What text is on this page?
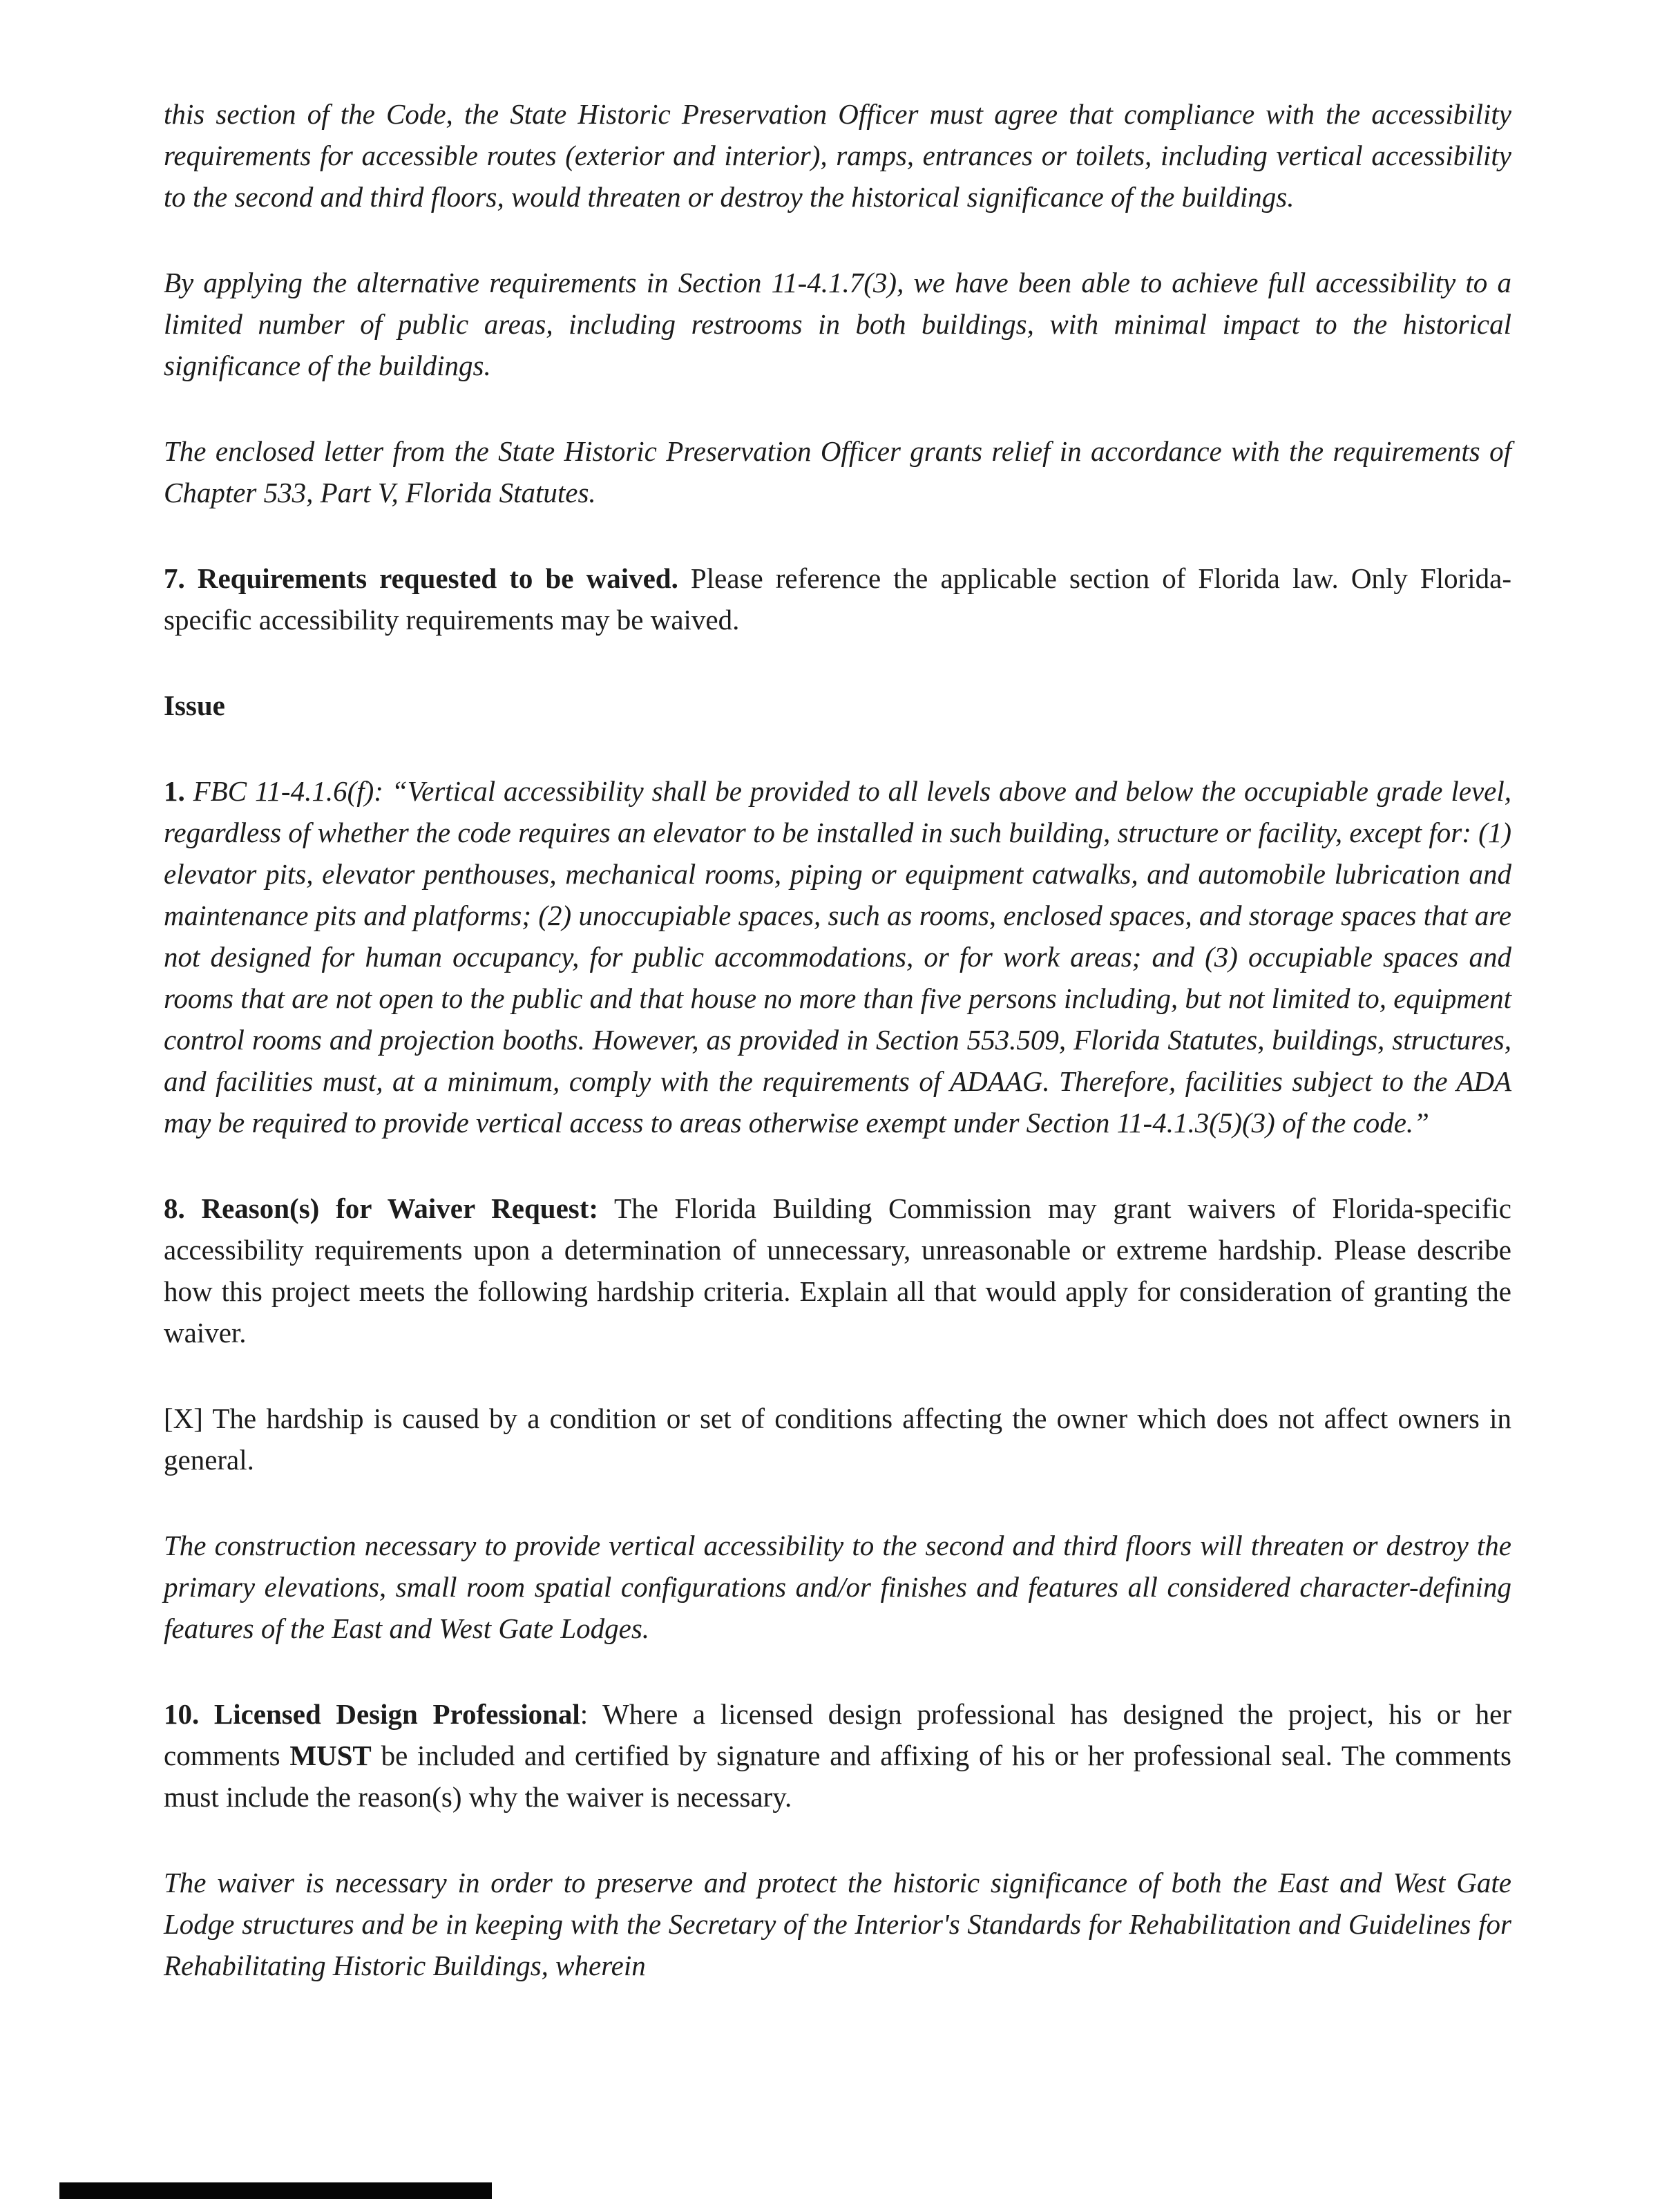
this section of the Code, the State Historic Preservation Officer must agree that compliance with the accessibility requirements for accessible routes (exterior and interior), ramps, entrances or toilets, including vertical accessibility to the second and third floors, would threaten or destroy the historical significance of the buildings.

By applying the alternative requirements in Section 11-4.1.7(3), we have been able to achieve full accessibility to a limited number of public areas, including restrooms in both buildings, with minimal impact to the historical significance of the buildings.

The enclosed letter from the State Historic Preservation Officer grants relief in accordance with the requirements of Chapter 533, Part V, Florida Statutes.

7. Requirements requested to be waived. Please reference the applicable section of Florida law. Only Florida-specific accessibility requirements may be waived.

Issue

1. FBC 11-4.1.6(f): “Vertical accessibility shall be provided to all levels above and below the occupiable grade level, regardless of whether the code requires an elevator to be installed in such building, structure or facility, except for: (1) elevator pits, elevator penthouses, mechanical rooms, piping or equipment catwalks, and automobile lubrication and maintenance pits and platforms; (2) unoccupiable spaces, such as rooms, enclosed spaces, and storage spaces that are not designed for human occupancy, for public accommodations, or for work areas; and (3) occupiable spaces and rooms that are not open to the public and that house no more than five persons including, but not limited to, equipment control rooms and projection booths. However, as provided in Section 553.509, Florida Statutes, buildings, structures, and facilities must, at a minimum, comply with the requirements of ADAAG. Therefore, facilities subject to the ADA may be required to provide vertical access to areas otherwise exempt under Section 11-4.1.3(5)(3) of the code.”

8. Reason(s) for Waiver Request: The Florida Building Commission may grant waivers of Florida-specific accessibility requirements upon a determination of unnecessary, unreasonable or extreme hardship. Please describe how this project meets the following hardship criteria. Explain all that would apply for consideration of granting the waiver.

[X] The hardship is caused by a condition or set of conditions affecting the owner which does not affect owners in general.

The construction necessary to provide vertical accessibility to the second and third floors will threaten or destroy the primary elevations, small room spatial configurations and/or finishes and features all considered character-defining features of the East and West Gate Lodges.

10. Licensed Design Professional: Where a licensed design professional has designed the project, his or her comments MUST be included and certified by signature and affixing of his or her professional seal. The comments must include the reason(s) why the waiver is necessary.

The waiver is necessary in order to preserve and protect the historic significance of both the East and West Gate Lodge structures and be in keeping with the Secretary of the Interior's Standards for Rehabilitation and Guidelines for Rehabilitating Historic Buildings, wherein
